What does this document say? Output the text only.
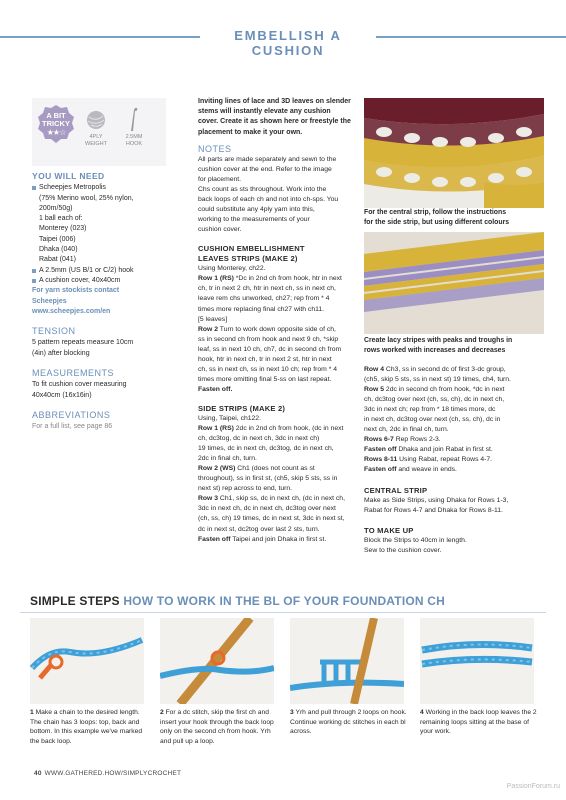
EMBELLISH A CUSHION
A BIT
TRICKY
★★☆	4PLY
WEIGHT
2.5MM
HOOK
YOU WILL NEED
Scheepjes Metropolis
(75% Merino wool, 25% nylon,
200m/50g)
1 ball each of:
Monterey (023)
Taipei (006)
Dhaka (040)
Rabat (041)
A 2.5mm (US B/1 or C/2) hook
A cushion cover, 40x40cm
For yarn stockists contact
Scheepjes
www.scheepjes.com/en
TENSION
5 pattern repeats measure 10cm
(4in) after blocking
MEASUREMENTS
To fit cushion cover measuring
40x40cm (16x16in)
ABBREVIATIONS
For a full list, see page 86
Inviting lines of lace and 3D leaves on slender
stems will instantly elevate any cushion
cover. Create it as shown here or freestyle the
placement to make it your own.
NOTES
All parts are made separately and sewn to the
cushion cover at the end. Refer to the image
for placement.
Chs count as sts throughout. Work into the
back loops of each ch and not into ch-sps. You
could substitute any 4ply yarn into this,
working to the measurements of your
cushion cover.
CUSHION EMBELLISHMENT
LEAVES STRIPS (MAKE 2)
Using Monterey, ch22.
Row 1 (RS) *Dc in 2nd ch from hook, htr in next
ch, tr in next 2 ch, htr in next ch, ss in next ch,
leave rem chs unworked, ch27; rep from * 4
times more replacing final ch27 with ch11.
[5 leaves]
Row 2 Turn to work down opposite side of ch,
ss in second ch from hook and next 9 ch, *skip
leaf, ss in next 10 ch, ch7, dc in second ch from
hook, htr in next ch, tr in next 2 st, htr in next
ch, ss in next ch, ss in next 10 ch; rep from * 4
times more omitting final 5-ss on last repeat.
Fasten off.
SIDE STRIPS (MAKE 2)
Using, Taipei, ch122.
Row 1 (RS) 2dc in 2nd ch from hook, (dc in next
ch, dc3tog, dc in next ch, 3dc in next ch)
19 times, dc in next ch, dc3tog, dc in next ch,
2dc in final ch, turn.
Row 2 (WS) Ch1 (does not count as st
throughout), ss in first st, (ch5, skip 5 sts, ss in
next st) rep across to end, turn.
Row 3 Ch1, skip ss, dc in next ch, (dc in next ch,
3dc in next ch, dc in next ch, dc3tog over next
(ch, ss, ch) 19 times, dc in next st, 3dc in next st,
dc in next st, dc2tog over last 2 sts, turn.
Fasten off Taipei and join Dhaka in first st.
For the central strip, follow the instructions
for the side strip, but using different colours
Create lacy stripes with peaks and troughs in
rows worked with increases and decreases
Row 4 Ch3, ss in second dc of first 3-dc group,
(ch5, skip 5 sts, ss in next st) 19 times, ch4, turn.
Row 5 2dc in second ch from hook, *dc in next
ch, dc3tog over next (ch, ss, ch), dc in next ch,
3dc in next ch; rep from * 18 times more, dc
in next ch, dc3tog over next (ch, ss, ch), dc in
next ch, 2dc in final ch, turn.
Rows 6-7 Rep Rows 2-3.
Fasten off Dhaka and join Rabat in first st.
Rows 8-11 Using Rabat, repeat Rows 4-7.
Fasten off and weave in ends.
CENTRAL STRIP
Make as Side Strips, using Dhaka for Rows 1-3,
Rabat for Rows 4-7 and Dhaka for Rows 8-11.
TO MAKE UP
Block the Strips to 40cm in length.
Sew to the cushion cover.
SIMPLE STEPS HOW TO WORK IN THE BL OF YOUR FOUNDATION CH
1 Make a chain to the desired length. The chain has 3 loops: top, back and bottom. In this example we've marked the back loop.
2 For a dc stitch, skip the first ch and insert your hook through the back loop only on the second ch from hook. Yrh and pull up a loop.
3 Yrh and pull through 2 loops on hook. Continue working dc stitches in each bl across.
4 Working in the back loop leaves the 2 remaining loops sitting at the base of your work.
40 WWW.GATHERED.HOW/SIMPLYCROCHET
PassionForum.ru
